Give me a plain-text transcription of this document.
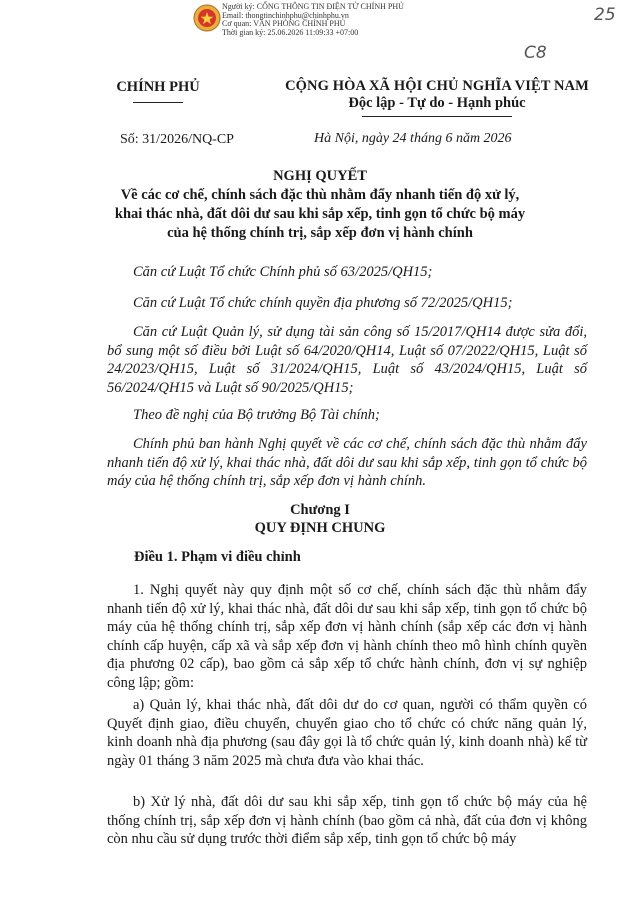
Người ký: CỔNG THÔNG TIN ĐIỆN TỬ CHÍNH PHỦ
Email: thongtinchinhphu@chinhphu.vn
Cơ quan: VĂN PHÒNG CHÍNH PHỦ
Thời gian ký: 25.06.2026 11:09:33 +07:00
25
C8
CHÍNH PHỦ	CỘNG HÒA XÃ HỘI CHỦ NGHĨA VIỆT NAM
Độc lập - Tự do - Hạnh phúc
Số: 31/2026/NQ-CP	Hà Nội, ngày 24 tháng 6 năm 2026
NGHỊ QUYẾT
Về các cơ chế, chính sách đặc thù nhằm đẩy nhanh tiến độ xử lý,
khai thác nhà, đất dôi dư sau khi sắp xếp, tinh gọn tổ chức bộ máy
của hệ thống chính trị, sắp xếp đơn vị hành chính
Căn cứ Luật Tổ chức Chính phủ số 63/2025/QH15;
Căn cứ Luật Tổ chức chính quyền địa phương số 72/2025/QH15;
Căn cứ Luật Quản lý, sử dụng tài sản công số 15/2017/QH14 được sửa đổi, bổ sung một số điều bởi Luật số 64/2020/QH14, Luật số 07/2022/QH15, Luật số 24/2023/QH15, Luật số 31/2024/QH15, Luật số 43/2024/QH15, Luật số 56/2024/QH15 và Luật số 90/2025/QH15;
Theo đề nghị của Bộ trưởng Bộ Tài chính;
Chính phủ ban hành Nghị quyết về các cơ chế, chính sách đặc thù nhằm đẩy nhanh tiến độ xử lý, khai thác nhà, đất dôi dư sau khi sắp xếp, tinh gọn tổ chức bộ máy của hệ thống chính trị, sắp xếp đơn vị hành chính.
Chương I
QUY ĐỊNH CHUNG
Điều 1. Phạm vi điều chỉnh
1. Nghị quyết này quy định một số cơ chế, chính sách đặc thù nhằm đẩy nhanh tiến độ xử lý, khai thác nhà, đất dôi dư sau khi sắp xếp, tinh gọn tổ chức bộ máy của hệ thống chính trị, sắp xếp đơn vị hành chính (sắp xếp các đơn vị hành chính cấp huyện, cấp xã và sắp xếp đơn vị hành chính theo mô hình chính quyền địa phương 02 cấp), bao gồm cả sắp xếp tổ chức hành chính, đơn vị sự nghiệp công lập; gồm:
a) Quản lý, khai thác nhà, đất dôi dư do cơ quan, người có thẩm quyền có Quyết định giao, điều chuyển, chuyển giao cho tổ chức có chức năng quản lý, kinh doanh nhà địa phương (sau đây gọi là tổ chức quản lý, kinh doanh nhà) kể từ ngày 01 tháng 3 năm 2025 mà chưa đưa vào khai thác.
b) Xử lý nhà, đất dôi dư sau khi sắp xếp, tinh gọn tổ chức bộ máy của hệ thống chính trị, sắp xếp đơn vị hành chính (bao gồm cả nhà, đất của đơn vị không còn nhu cầu sử dụng trước thời điểm sắp xếp, tinh gọn tổ chức bộ máy
